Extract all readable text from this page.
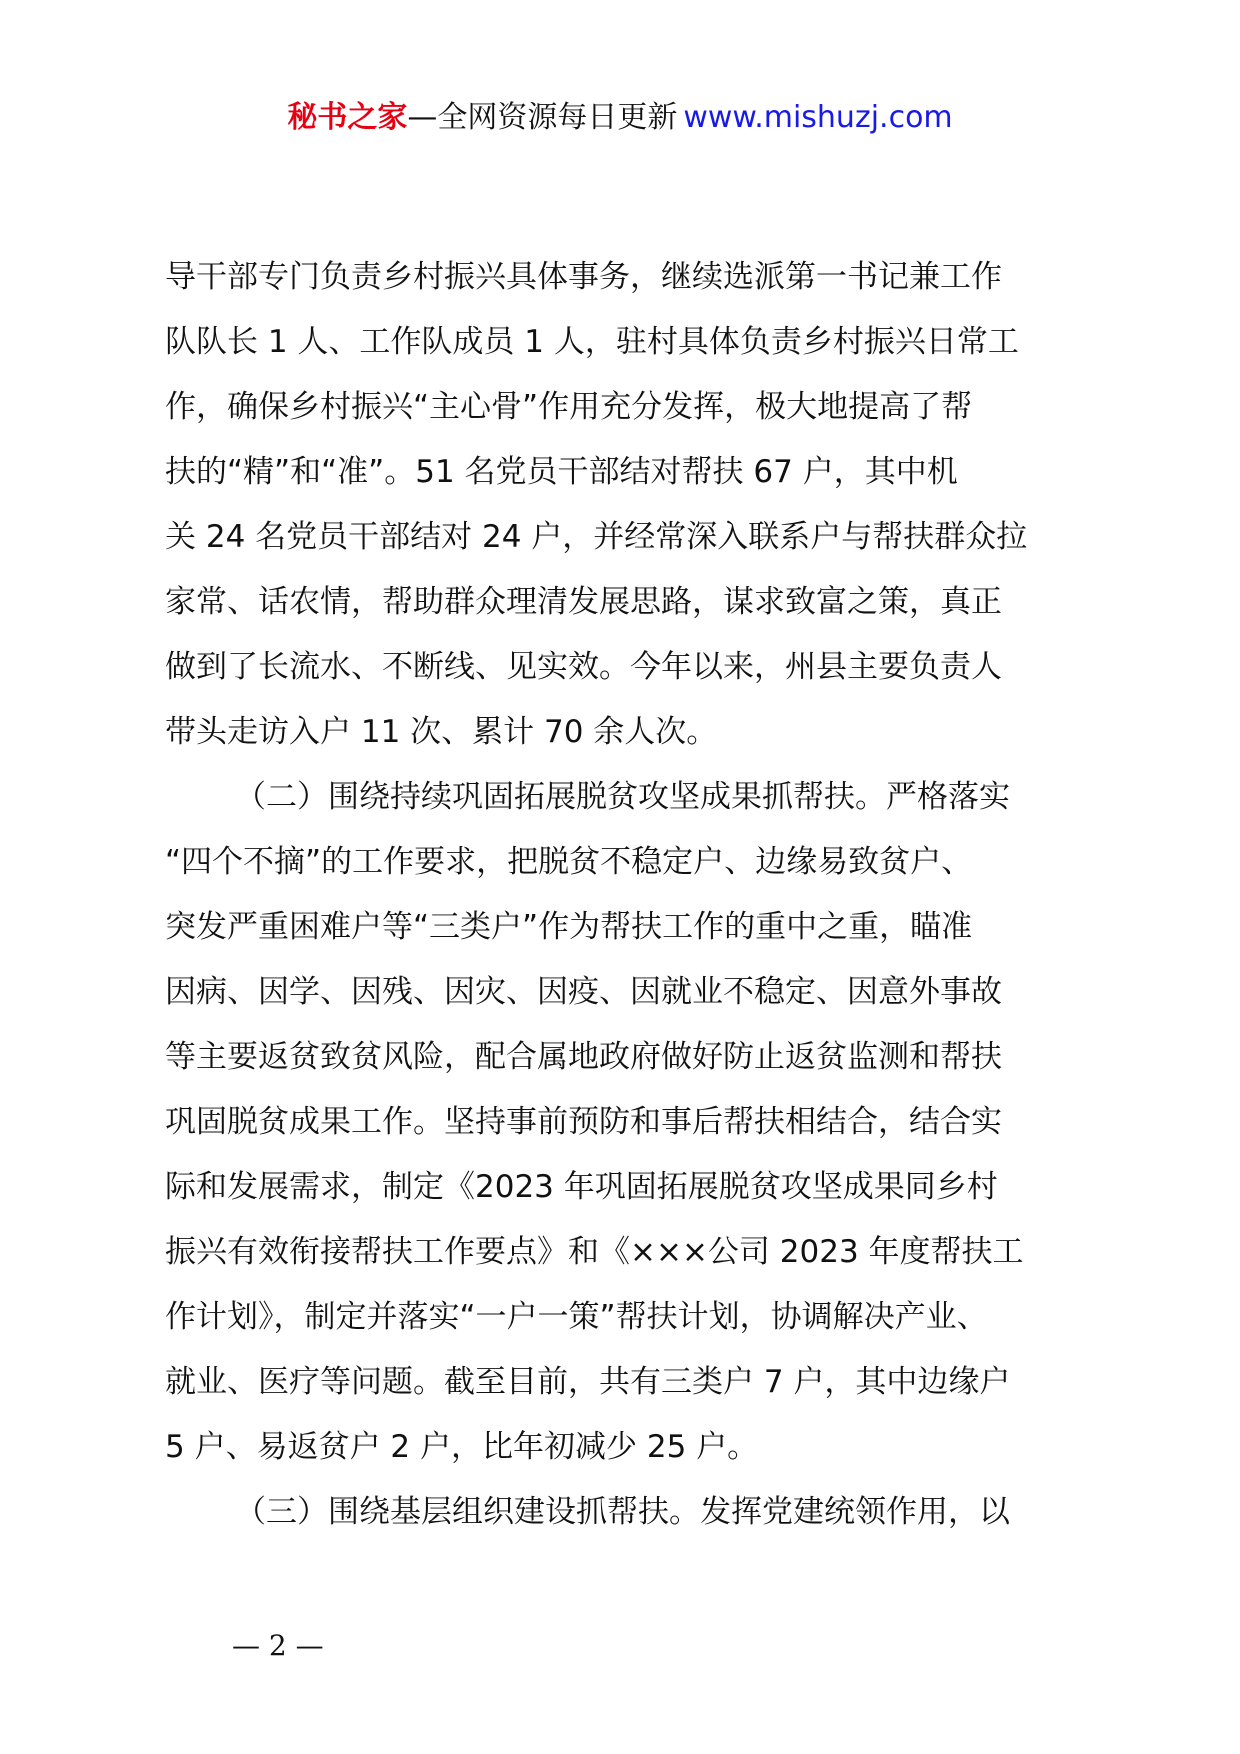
秘书之家—全网资源每日更新 www.mishuzj.com
导干部专门负责乡村振兴具体事务，继续选派第一书记兼工作
队队长 1 人、工作队成员 1 人，驻村具体负责乡村振兴日常工
作，确保乡村振兴“主心骨”作用充分发挥，极大地提高了帮
扶的“精”和“准”。51 名党员干部结对帮扶 67 户，其中机
关 24 名党员干部结对 24 户，并经常深入联系户与帮扶群众拉
家常、话农情，帮助群众理清发展思路，谋求致富之策，真正
做到了长流水、不断线、见实效。今年以来，州县主要负责人
带头走访入户 11 次、累计 70 余人次。
（二）围绕持续巩固拓展脱贫攻坚成果抓帮扶。严格落实
“四个不摘”的工作要求，把脱贫不稳定户、边缘易致贫户、
突发严重困难户等“三类户”作为帮扶工作的重中之重，瞄准
因病、因学、因残、因灾、因疫、因就业不稳定、因意外事故
等主要返贫致贫风险，配合属地政府做好防止返贫监测和帮扶
巩固脱贫成果工作。坚持事前预防和事后帮扶相结合，结合实
际和发展需求，制定《2023 年巩固拓展脱贫攻坚成果同乡村
振兴有效衔接帮扶工作要点》和《×××公司 2023 年度帮扶工
作计划》，制定并落实“一户一策”帮扶计划，协调解决产业、
就业、医疗等问题。截至目前，共有三类户 7 户，其中边缘户
5 户、易返贫户 2 户，比年初减少 25 户。
（三）围绕基层组织建设抓帮扶。发挥党建统领作用，以
— 2 —
